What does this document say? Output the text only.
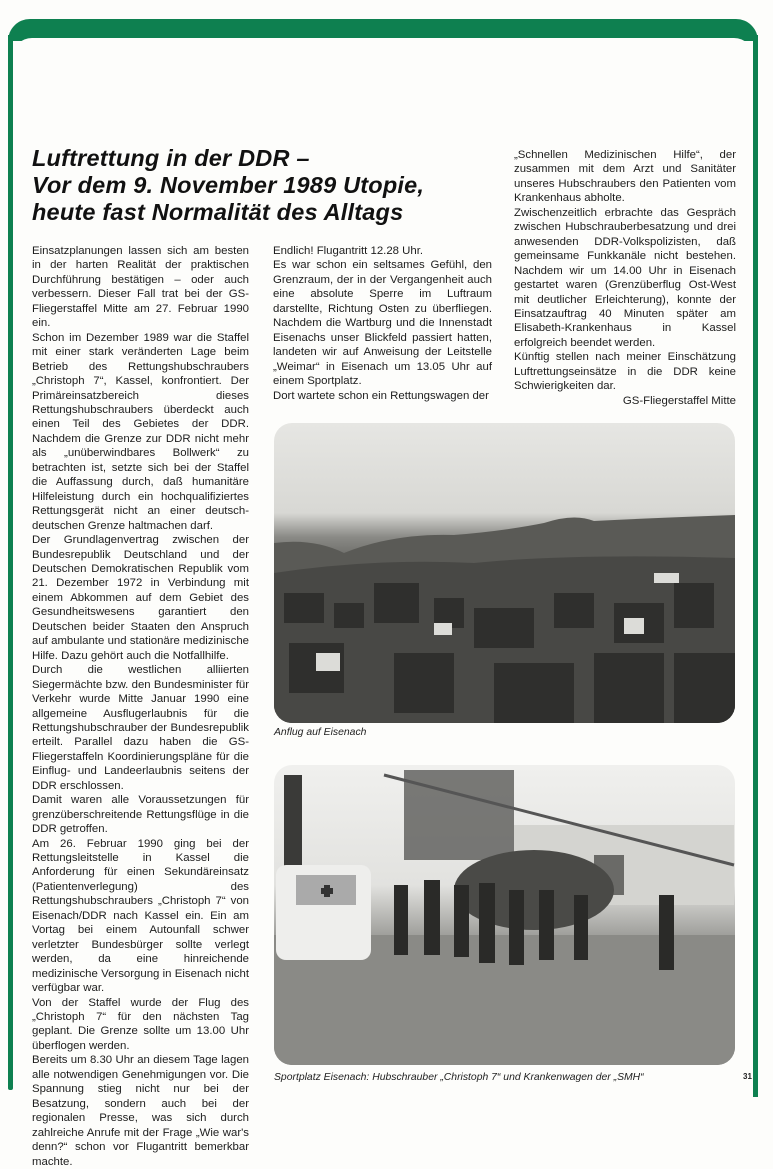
Luftrettung in der DDR –
Vor dem 9. November 1989 Utopie,
heute fast Normalität des Alltags

Einsatzplanungen lassen sich am besten in der harten Realität der praktischen Durchführung bestätigen – oder auch verbessern. Dieser Fall trat bei der GS-Fliegerstaffel Mitte am 27. Februar 1990 ein.

Schon im Dezember 1989 war die Staffel mit einer stark veränderten Lage beim Betrieb des Rettungshubschraubers „Christoph 7“, Kassel, konfrontiert. Der Primäreinsatzbereich dieses Rettungshubschraubers überdeckt auch einen Teil des Gebietes der DDR. Nachdem die Grenze zur DDR nicht mehr als „unüberwindbares Bollwerk“ zu betrachten ist, setzte sich bei der Staffel die Auffassung durch, daß humanitäre Hilfeleistung durch ein hochqualifiziertes Rettungsgerät nicht an einer deutsch-deutschen Grenze haltmachen darf.

Der Grundlagenvertrag zwischen der Bundesrepublik Deutschland und der Deutschen Demokratischen Republik vom 21. Dezember 1972 in Verbindung mit einem Abkommen auf dem Gebiet des Gesundheitswesens garantiert den Deutschen beider Staaten den Anspruch auf ambulante und stationäre medizinische Hilfe. Dazu gehört auch die Notfallhilfe.

Durch die westlichen alliierten Siegermächte bzw. den Bundesminister für Verkehr wurde Mitte Januar 1990 eine allgemeine Ausflugerlaubnis für die Rettungshubschrauber der Bundesrepublik erteilt. Parallel dazu haben die GS-Fliegerstaffeln Koordinierungspläne für die Einflug- und Landeerlaubnis seitens der DDR erschlossen.

Damit waren alle Voraussetzungen für grenzüberschreitende Rettungsflüge in die DDR getroffen.

Am 26. Februar 1990 ging bei der Rettungsleitstelle in Kassel die Anforderung für einen Sekundäreinsatz (Patientenverlegung) des Rettungshubschraubers „Christoph 7“ von Eisenach/DDR nach Kassel ein. Ein am Vortag bei einem Autounfall schwer verletzter Bundesbürger sollte verlegt werden, da eine hinreichende medizinische Versorgung in Eisenach nicht verfügbar war.

Von der Staffel wurde der Flug des „Christoph 7“ für den nächsten Tag geplant. Die Grenze sollte um 13.00 Uhr überflogen werden.

Bereits um 8.30 Uhr an diesem Tage lagen alle notwendigen Genehmigungen vor. Die Spannung stieg nicht nur bei der Besatzung, sondern auch bei der regionalen Presse, was sich durch zahlreiche Anrufe mit der Frage „Wie war's denn?“ schon vor Flugantritt bemerkbar machte.

Endlich! Flugantritt 12.28 Uhr.

Es war schon ein seltsames Gefühl, den Grenzraum, der in der Vergangenheit auch eine absolute Sperre im Luftraum darstellte, Richtung Osten zu überfliegen. Nachdem die Wartburg und die Innenstadt Eisenachs unser Blickfeld passiert hatten, landeten wir auf Anweisung der Leitstelle „Weimar“ in Eisenach um 13.05 Uhr auf einem Sportplatz.

Dort wartete schon ein Rettungswagen der

„Schnellen Medizinischen Hilfe“, der zusammen mit dem Arzt und Sanitäter unseres Hubschraubers den Patienten vom Krankenhaus abholte.

Zwischenzeitlich erbrachte das Gespräch zwischen Hubschrauberbesatzung und drei anwesenden DDR-Volkspolizisten, daß gemeinsame Funkkanäle nicht bestehen. Nachdem wir um 14.00 Uhr in Eisenach gestartet waren (Grenzüberflug Ost-West mit deutlicher Erleichterung), konnte der Einsatzauftrag 40 Minuten später am Elisabeth-Krankenhaus in Kassel erfolgreich beendet werden.

Künftig stellen nach meiner Einschätzung Luftrettungseinsätze in die DDR keine Schwierigkeiten dar.

GS-Fliegerstaffel Mitte

Anflug auf Eisenach
Sportplatz Eisenach: Hubschrauber „Christoph 7“ und Krankenwagen der „SMH“	31
